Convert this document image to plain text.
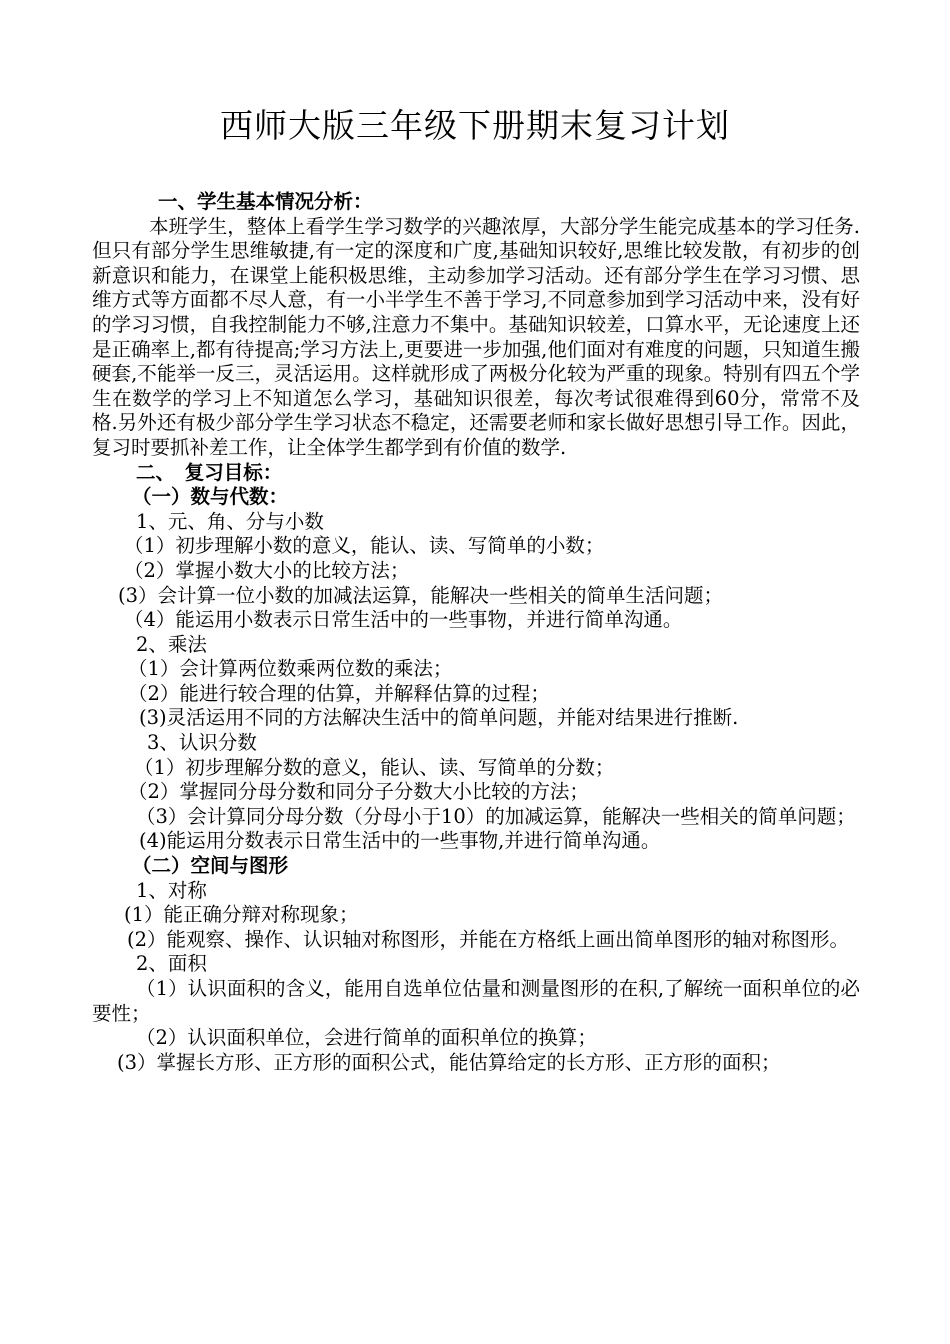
西师大版三年级下册期末复习计划

一、学生基本情况分析：

本班学生，整体上看学生学习数学的兴趣浓厚，大部分学生能完成基本的学习任务.但只有部分学生思维敏捷,有一定的深度和广度,基础知识较好,思维比较发散，有初步的创新意识和能力，在课堂上能积极思维，主动参加学习活动。还有部分学生在学习习惯、思维方式等方面都不尽人意，有一小半学生不善于学习,不同意参加到学习活动中来，没有好的学习习惯，自我控制能力不够,注意力不集中。基础知识较差，口算水平，无论速度上还是正确率上,都有待提高;学习方法上,更要进一步加强,他们面对有难度的问题，只知道生搬硬套,不能举一反三，灵活运用。这样就形成了两极分化较为严重的现象。特别有四五个学生在数学的学习上不知道怎么学习，基础知识很差，每次考试很难得到60分，常常不及格.另外还有极少部分学生学习状态不稳定，还需要老师和家长做好思想引导工作。因此，复习时要抓补差工作，让全体学生都学到有价值的数学.

二、　复习目标：

（一）数与代数：

1、元、角、分与小数

（1）初步理解小数的意义，能认、读、写简单的小数；

（2）掌握小数大小的比较方法；

(3）会计算一位小数的加减法运算，能解决一些相关的简单生活问题；

（4）能运用小数表示日常生活中的一些事物，并进行简单沟通。

2、乘法

（1）会计算两位数乘两位数的乘法；

（2）能进行较合理的估算，并解释估算的过程；

(3)灵活运用不同的方法解决生活中的简单问题，并能对结果进行推断.

3、认识分数

（1）初步理解分数的意义，能认、读、写简单的分数；

（2）掌握同分母分数和同分子分数大小比较的方法；

（3）会计算同分母分数（分母小于10）的加减运算，能解决一些相关的简单问题；

(4)能运用分数表示日常生活中的一些事物,并进行简单沟通。

（二）空间与图形

1、对称

(1）能正确分辩对称现象；

(2）能观察、操作、认识轴对称图形，并能在方格纸上画出简单图形的轴对称图形。

2、面积

（1）认识面积的含义，能用自选单位估量和测量图形的在积,了解统一面积单位的必要性；

（2）认识面积单位，会进行简单的面积单位的换算；

(3）掌握长方形、正方形的面积公式，能估算给定的长方形、正方形的面积；
